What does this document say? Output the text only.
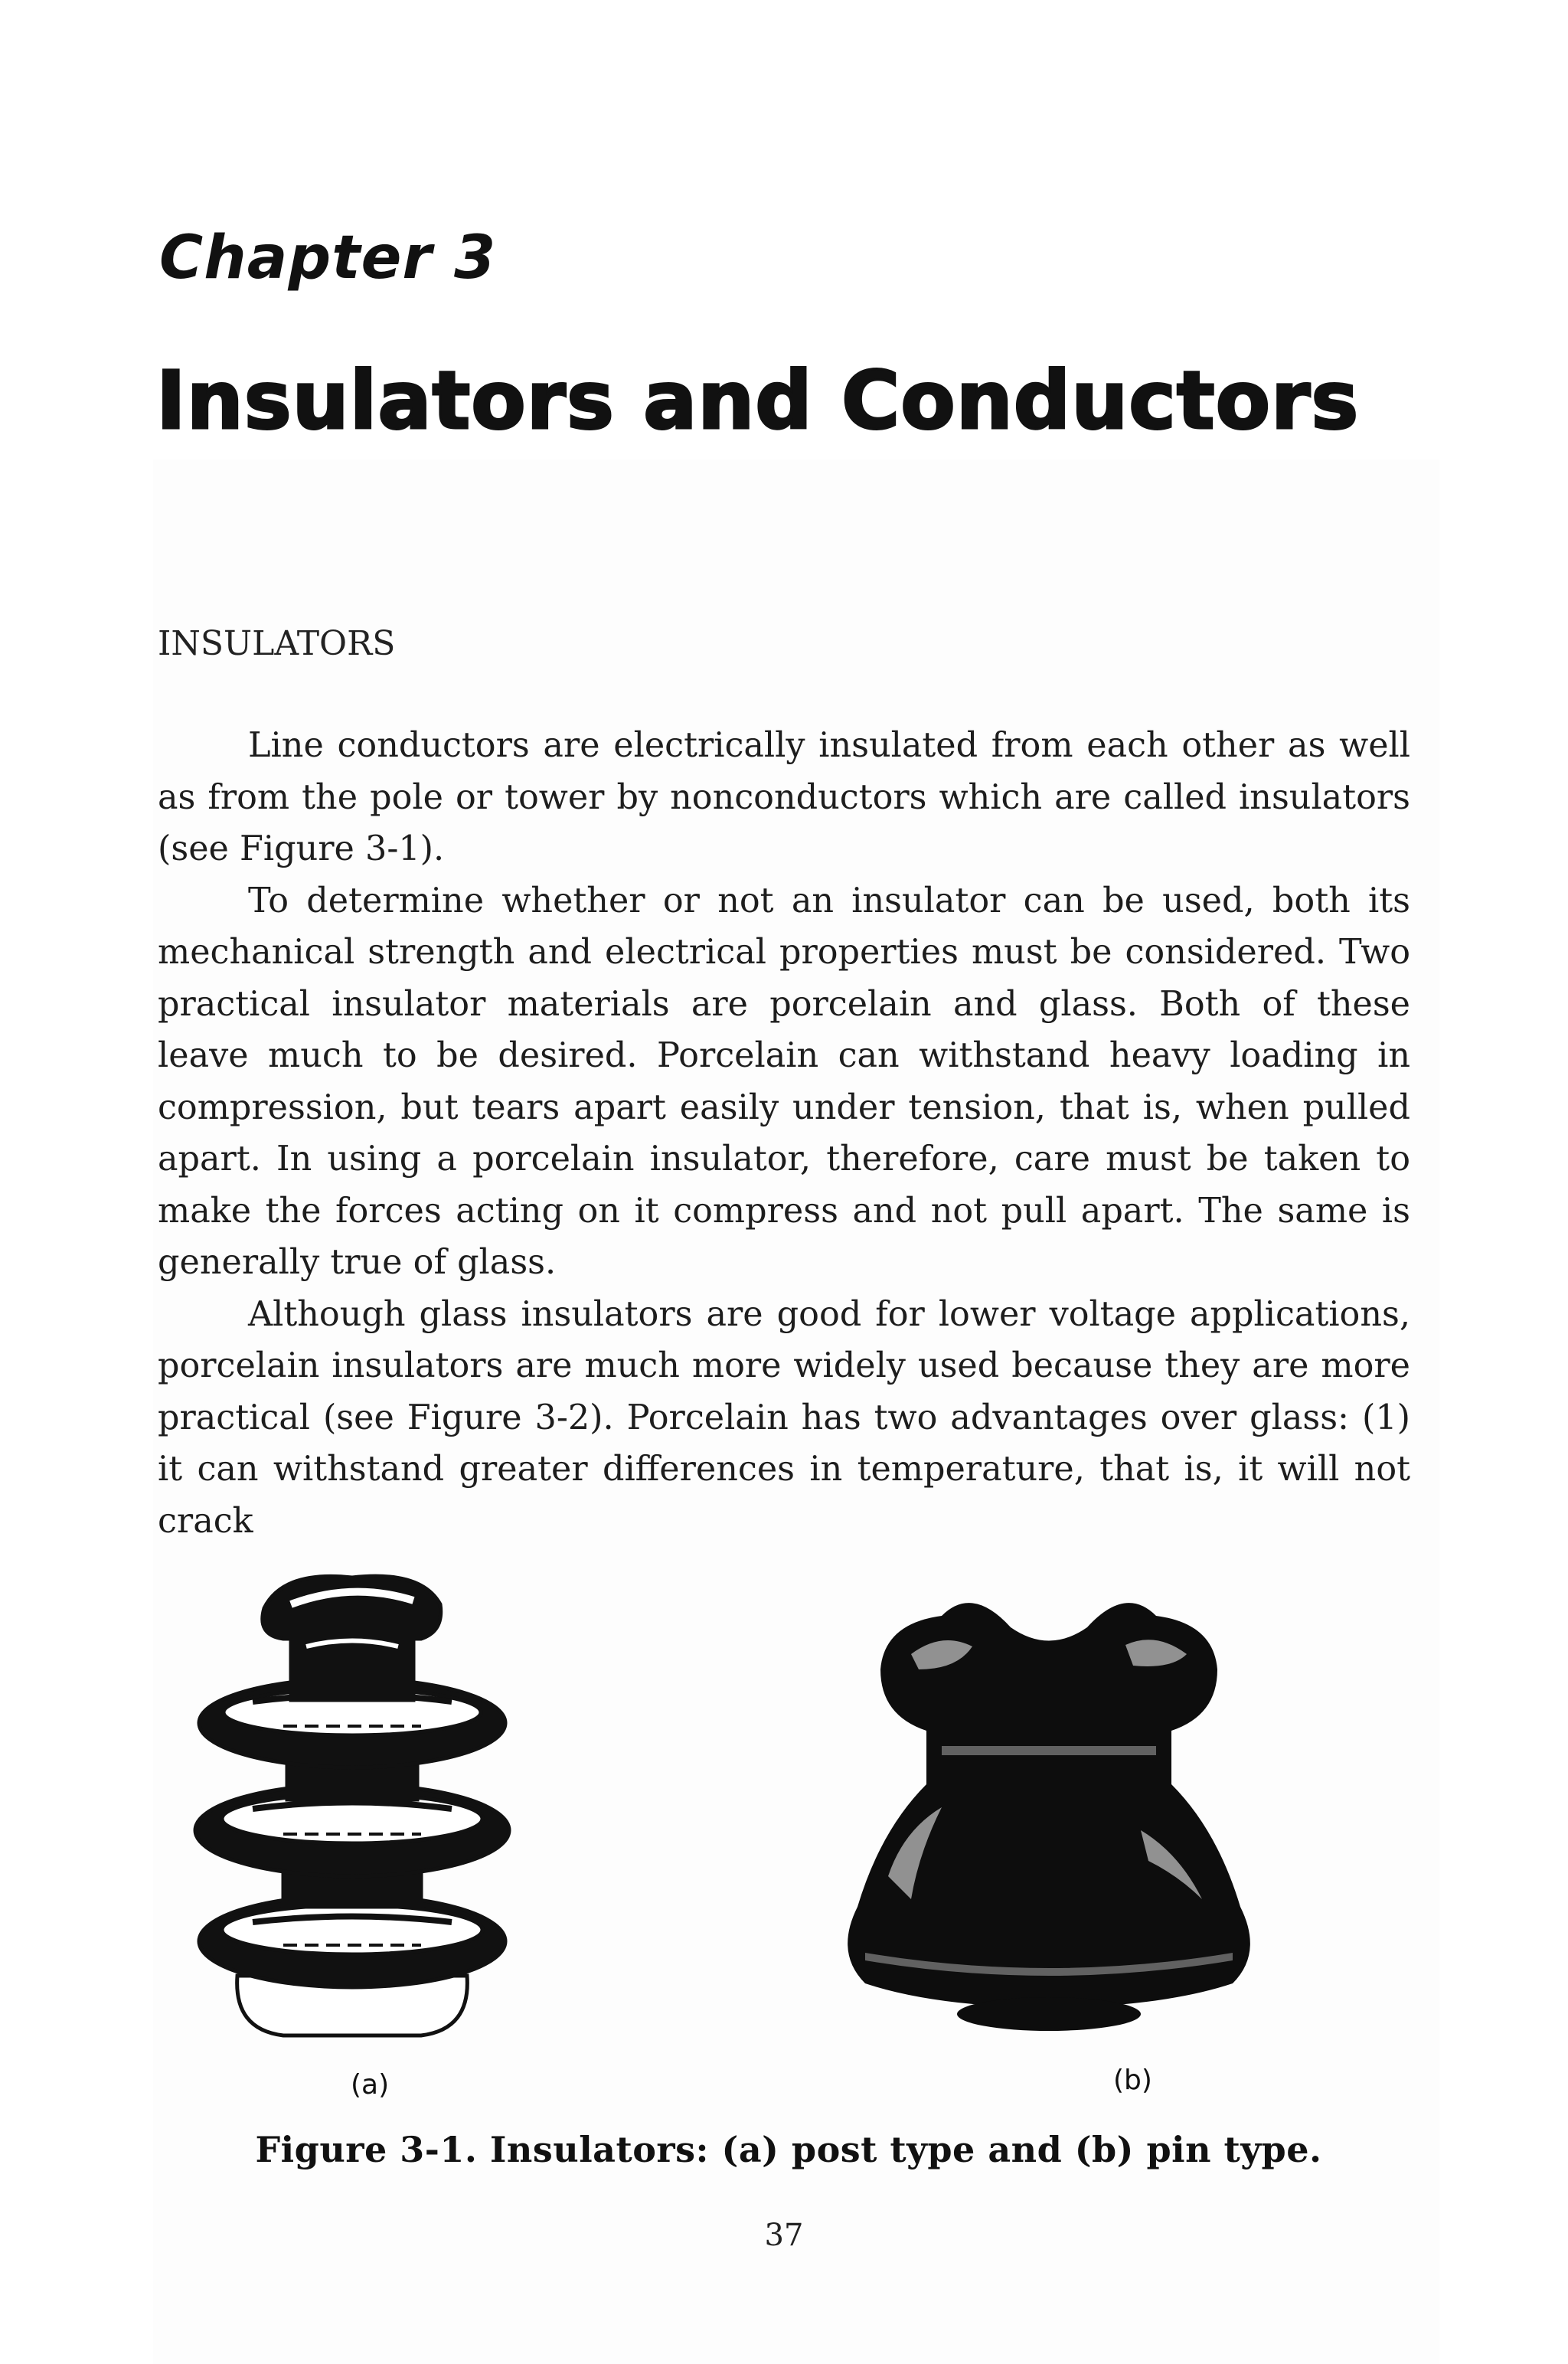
Chapter 3
Insulators and Conductors
INSULATORS

Line conductors are electrically insulated from each other as well as from the pole or tower by nonconductors which are called insulators (see Figure 3-1).

To determine whether or not an insulator can be used, both its mechanical strength and electrical properties must be considered. Two practical insulator materials are porcelain and glass. Both of these leave much to be desired. Porcelain can withstand heavy loading in compression, but tears apart easily under tension, that is, when pulled apart. In using a porcelain insulator, therefore, care must be taken to make the forces acting on it compress and not pull apart. The same is generally true of glass.

Although glass insulators are good for lower voltage applications, porcelain insulators are much more widely used because they are more practical (see Figure 3-2). Porcelain has two advantages over glass: (1) it can withstand greater differences in temperature, that is, it will not crack

(a)	(b)
Figure 3-1. Insulators: (a) post type and (b) pin type.
37
